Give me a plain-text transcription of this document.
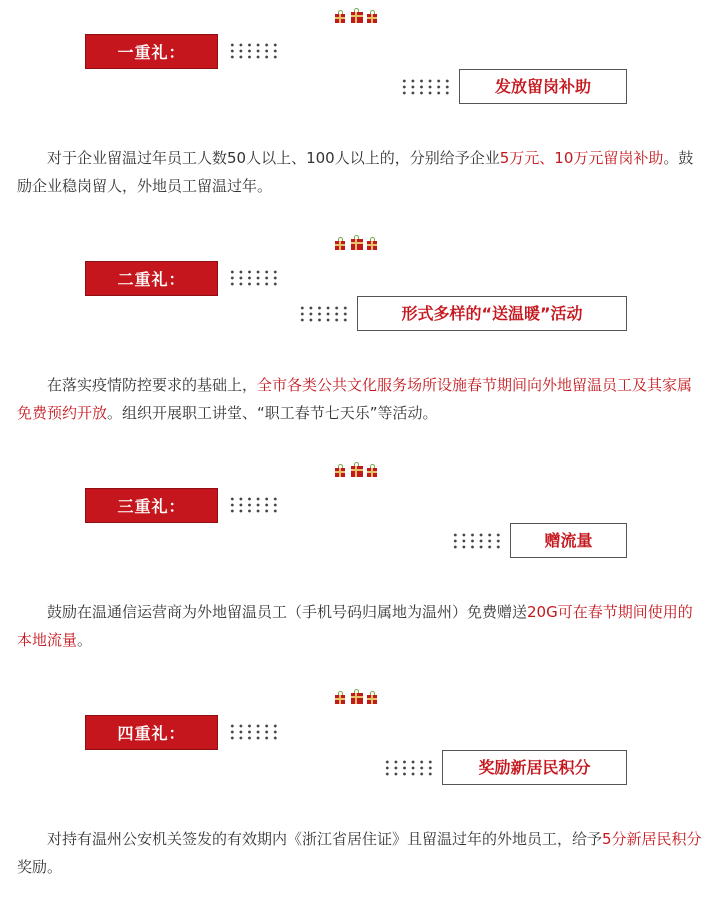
一重礼：
发放留岗补助

对于企业留温过年员工人数50人以上、100人以上的，分别给予企业5万元、10万元留岗补助。鼓励企业稳岗留人，外地员工留温过年。

二重礼：
形式多样的“送温暖”活动

在落实疫情防控要求的基础上，全市各类公共文化服务场所设施春节期间向外地留温员工及其家属免费预约开放。组织开展职工讲堂、“职工春节七天乐”等活动。

三重礼：
赠流量

鼓励在温通信运营商为外地留温员工（手机号码归属地为温州）免费赠送20G可在春节期间使用的本地流量。

四重礼：
奖励新居民积分

对持有温州公安机关签发的有效期内《浙江省居住证》且留温过年的外地员工，给予5分新居民积分奖励。
